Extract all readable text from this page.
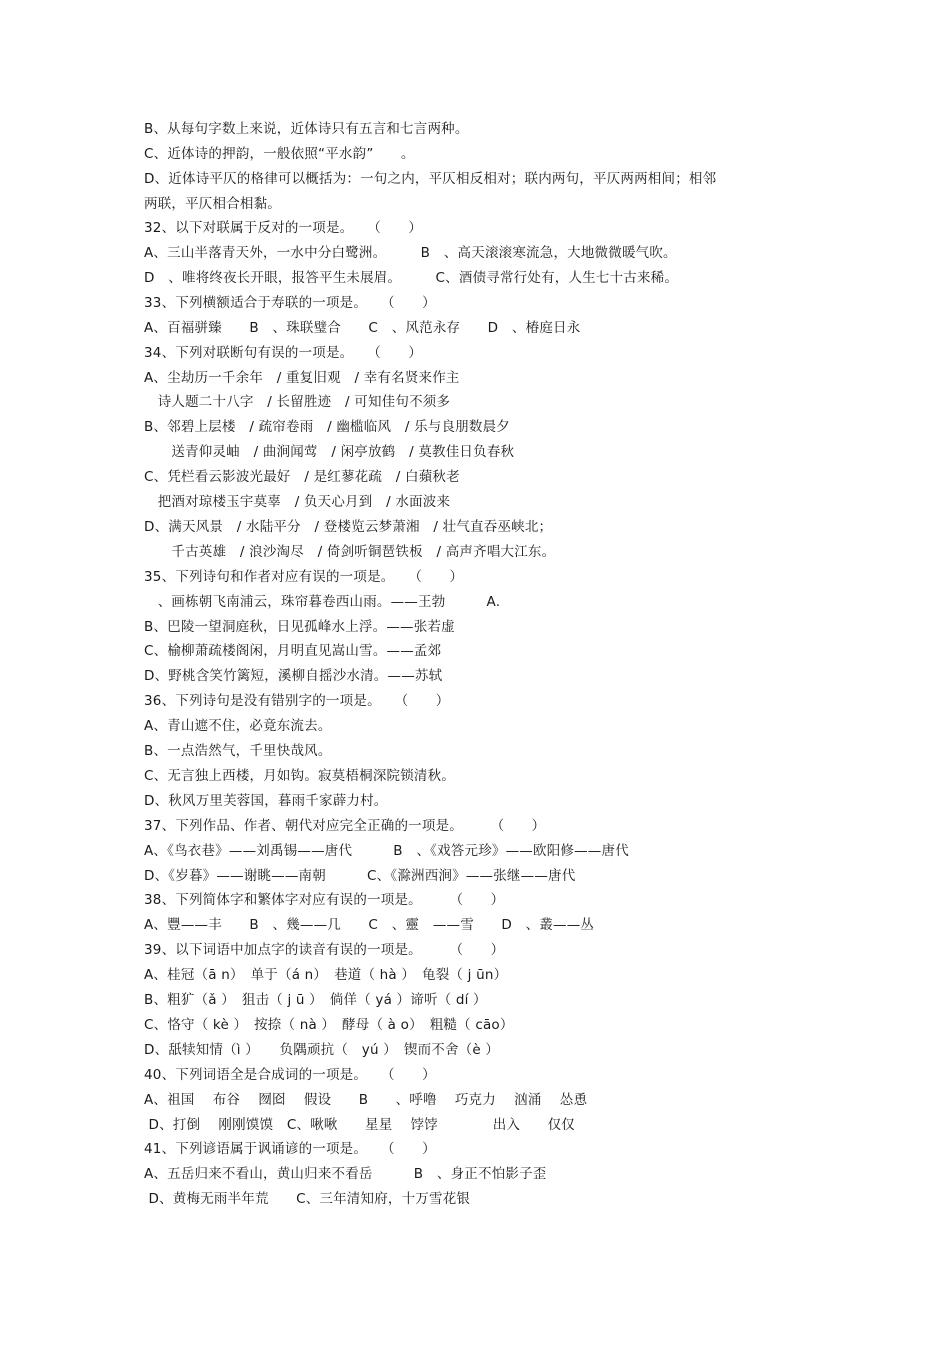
B、从每句字数上来说，近体诗只有五言和七言两种。
C、近体诗的押韵，一般依照“平水韵”　　。
D、近体诗平仄的格律可以概括为：一句之内，平仄相反相对；联内两句，平仄两两相间；相邻
两联，平仄相合相黏。
32、以下对联属于反对的一项是。　　（　　）
A、三山半落青天外，一水中分白鹭洲。　　　B　、高天滚滚寒流急，大地微微暖气吹。
D　、唯将终夜长开眼，报答平生未展眉。　　　C、酒债寻常行处有，人生七十古来稀。
33、下列横额适合于寿联的一项是。　　（　　）
A、百福骈臻　　B　、珠联璧合　　C　、风范永存　　D　、椿庭日永
34、下列对联断句有误的一项是。　　（　　）
A、尘劫历一千余年　/ 重复旧观　/ 幸有名贤来作主
　诗人题二十八字　/ 长留胜迹　/ 可知佳句不须多
B、邻碧上层楼　/ 疏帘卷雨　/ 幽槛临风　/ 乐与良朋数晨夕
　　送青仰灵岫　/ 曲涧闻莺　/ 闲亭放鹤　/ 莫教佳日负春秋
C、凭栏看云影波光最好　/ 是红蓼花疏　/ 白蘋秋老
　把酒对琼楼玉宇莫辜　/ 负天心月到　/ 水面波来
D、满天风景　/ 水陆平分　/ 登楼览云梦萧湘　/ 壮气直吞巫峡北；
　　千古英雄　/ 浪沙淘尽　/ 倚剑听铜琶铁板　/ 高声齐唱大江东。
35、下列诗句和作者对应有误的一项是。　　（　　）
　、画栋朝飞南浦云，珠帘暮卷西山雨。——王勃　　　A.
B、巴陵一望洞庭秋，日见孤峰水上浮。——张若虚
C、榆柳萧疏楼阁闲，月明直见嵩山雪。——孟郊
D、野桃含笑竹篱短，溪柳自摇沙水清。——苏轼
36、下列诗句是没有错别字的一项是。　　（　　）
A、青山遮不住，必竟东流去。
B、一点浩然气，千里快哉风。
C、无言独上西楼，月如钩。寂莫梧桐深院锁清秋。
D、秋风万里芙蓉国，暮雨千家薜力村。
37、下列作品、作者、朝代对应完全正确的一项是。　　　（　　）
A、《鸟衣巷》——刘禹锡——唐代　　　B　、《戏答元珍》——欧阳修——唐代
D、《岁暮》——谢眺——南朝　　　C、《滁洲西涧》——张继——唐代
38、下列简体字和繁体字对应有误的一项是。　　　（　　）
A、豐——丰　　B　、幾——几　　C　、靈　——雪　　D　、叢——丛
39、以下词语中加点字的读音有误的一项是。　　　（　　）
A、桂冠（ā n）　单于（á n）　巷道（ hà ）　龟裂（ j ūn）
B、粗犷（ǎ ）　狙击（ j ū ）　倘佯（ yá ）谛听（ dí ）
C、恪守（ kè ）　按捺（ nà ）　酵母（ à o）　粗糙（ cāo）
D、舐犊知情（ì ）　　负隅顽抗（　yú ）　锲而不舍（è ）
40、下列词语全是合成词的一项是。　　（　　）
A、祖国　 布谷　 囫囵　 假设　　B　　、呼噜　 巧克力　 汹涌　 怂恿
D、打倒　 刚刚馍馍　C、啾啾　　星星　 饽饽　　　　出入　　仅仅
41、下列谚语属于讽诵谚的一项是。　　（　　）
A、五岳归来不看山，黄山归来不看岳　　　B　、身正不怕影子歪
D、黄梅无雨半年荒　　C、三年清知府，十万雪花银
